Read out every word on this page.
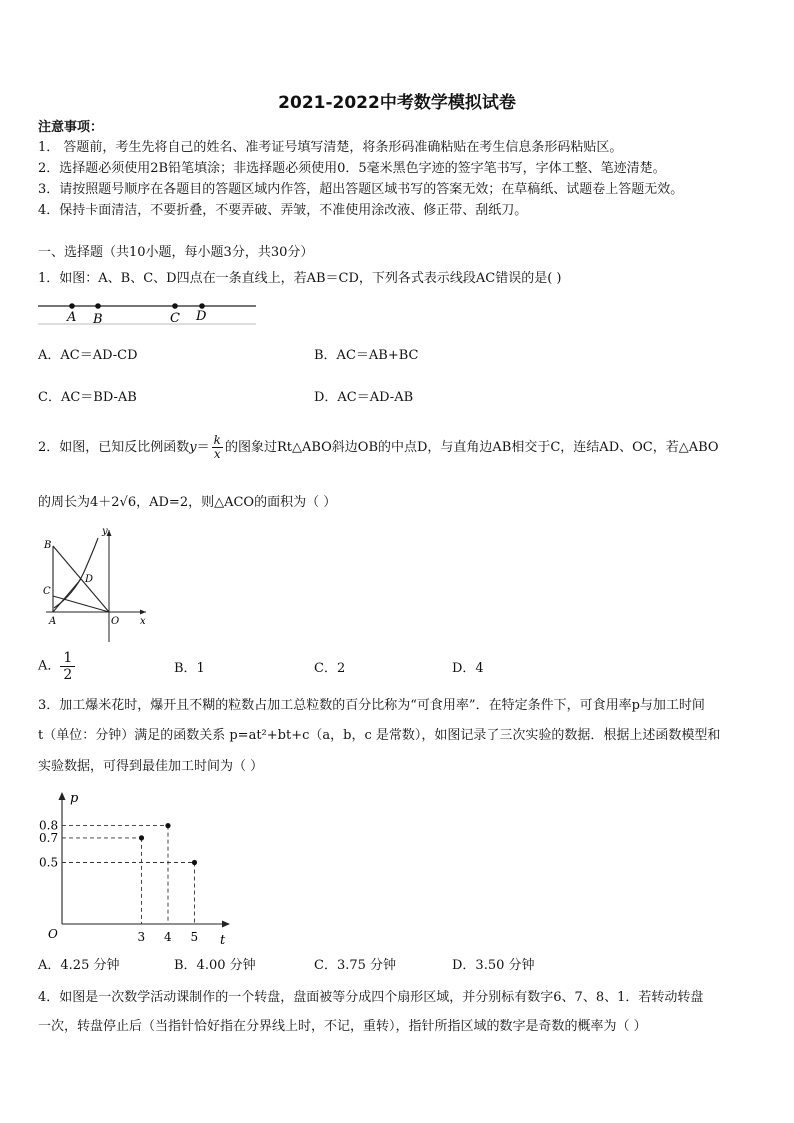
2021-2022中考数学模拟试卷
注意事项：
1． 答题前，考生先将自己的姓名、准考证号填写清楚，将条形码准确粘贴在考生信息条形码粘贴区。
2．选择题必须使用2B铅笔填涂；非选择题必须使用0．5毫米黑色字迹的签字笔书写，字体工整、笔迹清楚。
3．请按照题号顺序在各题目的答题区域内作答，超出答题区域书写的答案无效；在草稿纸、试题卷上答题无效。
4．保持卡面清洁，不要折叠，不要弄破、弄皱，不准使用涂改液、修正带、刮纸刀。
一、选择题（共10小题，每小题3分，共30分）
1．如图：A、B、C、D四点在一条直线上，若AB＝CD，下列各式表示线段AC错误的是( )
A B	C D
A．AC＝AD-CD	B．AC＝AB+BC
C．AC＝BD-AB	D．AC＝AD-AB
2．如图，已知反比例函数$y= \frac{k}{x}$ 的图象过Rt△ABO斜边OB的中点D，与直角边AB相交于C，连结AD、OC，若△ABO
的周长为4＋2√6，AD=2，则△ACO的面积为（ ）
B
C
D
A	O x
y
A． $\frac{1}{2}$	B．1	C．2	D．4
3．加工爆米花时，爆开且不糊的粒数占加工总粒数的百分比称为“可食用率”．在特定条件下，可食用率p与加工时间
t（单位：分钟）满足的函数关系 p=at²+bt+c（a，b，c 是常数），如图记录了三次实验的数据．根据上述函数模型和
实验数据，可得到最佳加工时间为（ ）
O	t
p
3 4 5
0.5
0.7
0.8
A．4.25 分钟	B．4.00 分钟	C．3.75 分钟	D．3.50 分钟
4．如图是一次数学活动课制作的一个转盘，盘面被等分成四个扇形区域，并分别标有数字6、7、8、1．若转动转盘
一次，转盘停止后（当指针恰好指在分界线上时，不记，重转），指针所指区域的数字是奇数的概率为（ ）
